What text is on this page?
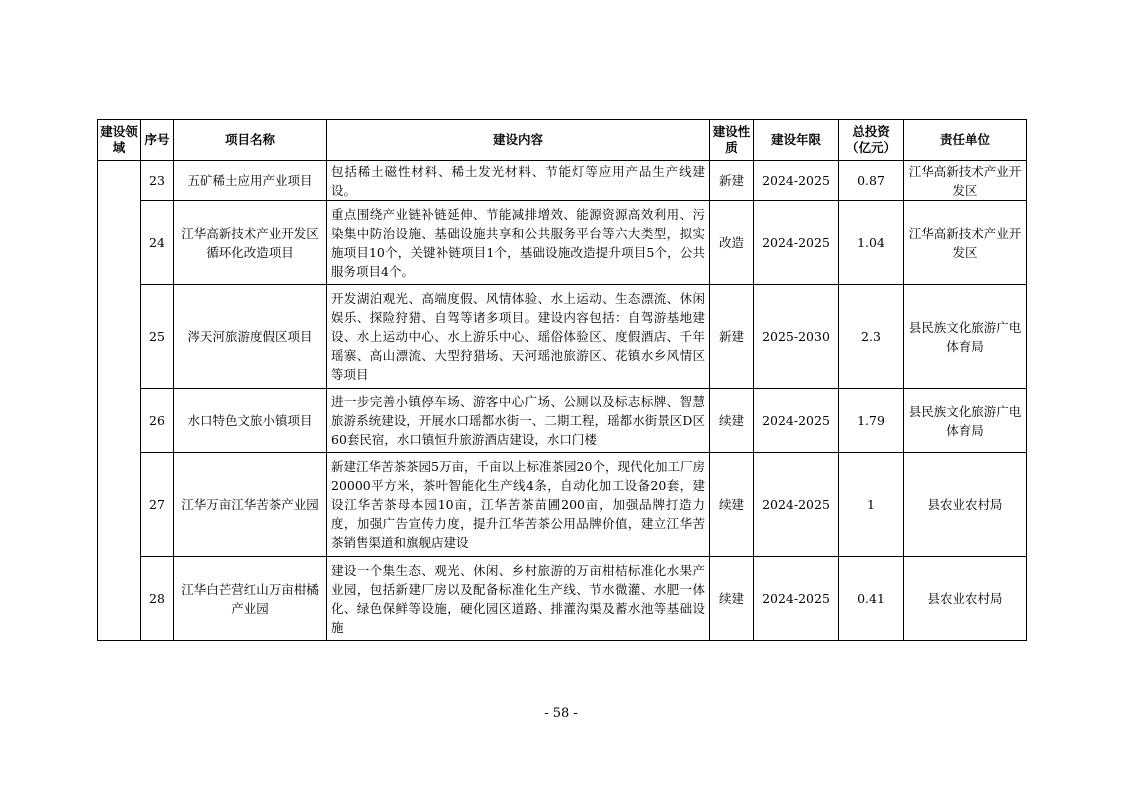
建设领域	序号	项目名称	建设内容	建设性质	建设年限	总投资（亿元）	责任单位
	23	五矿稀土应用产业项目	包括稀土磁性材料、稀土发光材料、节能灯等应用产品生产线建设。	新建	2024-2025	0.87	江华高新技术产业开发区
	24	江华高新技术产业开发区循环化改造项目	重点围绕产业链补链延伸、节能减排增效、能源资源高效利用、污染集中防治设施、基础设施共享和公共服务平台等六大类型，拟实施项目10个，关键补链项目1个，基础设施改造提升项目5个，公共服务项目4个。	改造	2024-2025	1.04	江华高新技术产业开发区
	25	涔天河旅游度假区项目	开发湖泊观光、高端度假、风情体验、水上运动、生态漂流、休闲娱乐、探险狩猎、自驾等诸多项目。建设内容包括：自驾游基地建设、水上运动中心、水上游乐中心、瑶俗体验区、度假酒店、千年瑶寨、高山漂流、大型狩猎场、天河瑶池旅游区、花镇水乡风情区等项目	新建	2025-2030	2.3	县民族文化旅游广电体育局
	26	水口特色文旅小镇项目	进一步完善小镇停车场、游客中心广场、公厕以及标志标牌、智慧旅游系统建设，开展水口瑶都水街一、二期工程，瑶都水街景区D区60套民宿，水口镇恒升旅游酒店建设，水口门楼	续建	2024-2025	1.79	县民族文化旅游广电体育局
	27	江华万亩江华苦茶产业园	新建江华苦茶茶园5万亩，千亩以上标准茶园20个，现代化加工厂房20000平方米，茶叶智能化生产线4条，自动化加工设备20套，建设江华苦茶母本园10亩，江华苦茶苗圃200亩，加强品牌打造力度，加强广告宣传力度，提升江华苦茶公用品牌价值，建立江华苦茶销售渠道和旗舰店建设	续建	2024-2025	1	县农业农村局
	28	江华白芒营红山万亩柑橘产业园	建设一个集生态、观光、休闲、乡村旅游的万亩柑桔标准化水果产业园，包括新建厂房以及配备标准化生产线、节水微灌、水肥一体化、绿色保鲜等设施，硬化园区道路、排灌沟渠及蓄水池等基础设施	续建	2024-2025	0.41	县农业农村局
- 58 -
